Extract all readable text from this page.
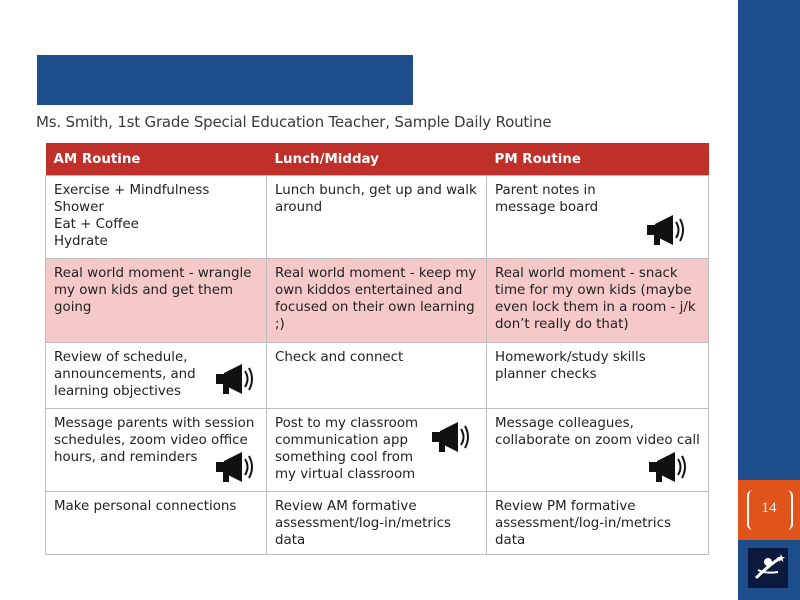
14
Ms. Smith, 1st Grade Special Education Teacher, Sample Daily Routine
AM Routine	Lunch/Midday	PM Routine

Exercise + Mindfulness
Shower
Eat + Coffee
Hydrate	Lunch bunch, get up and walk around	Parent notes in message board

Real world moment - wrangle my own kids and get them going	Real world moment - keep my own kiddos entertained and focused on their own learning ;)	Real world moment - snack time for my own kids (maybe even lock them in a room - j/k don’t really do that)

Review of schedule, announcements, and learning objectives	Check and connect	Homework/study skills planner checks

Message parents with session schedules, zoom video office hours, and reminders	Post to my classroom communication app something cool from my virtual classroom	Message colleagues, collaborate on zoom video call

Make personal connections	Review AM formative assessment/log-in/metrics data	Review PM formative assessment/log-in/metrics data
